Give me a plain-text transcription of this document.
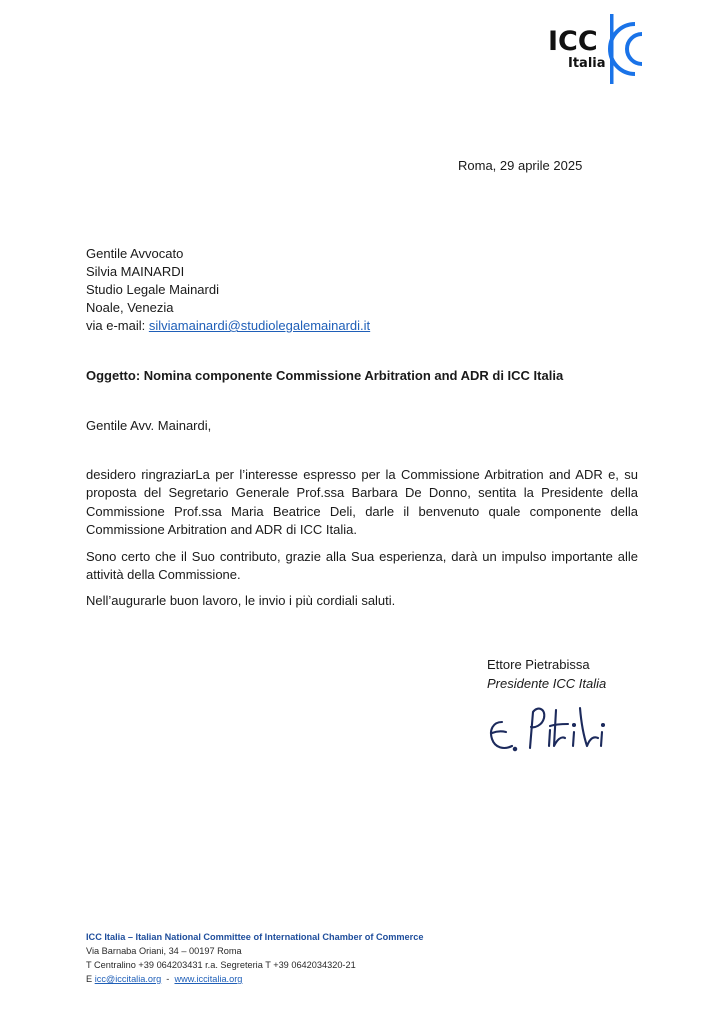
ICC
Italia
Roma, 29 aprile 2025
Gentile Avvocato
Silvia MAINARDI
Studio Legale Mainardi
Noale, Venezia
via e-mail: silviamainardi@studiolegalemainardi.it
Oggetto: Nomina componente Commissione Arbitration and ADR di ICC Italia
Gentile Avv. Mainardi,

desidero ringraziarLa per l’interesse espresso per la Commissione Arbitration and ADR e, su proposta del Segretario Generale Prof.ssa Barbara De Donno, sentita la Presidente della Commissione Prof.ssa Maria Beatrice Deli, darle il benvenuto quale componente della Commissione Arbitration and ADR di ICC Italia.

Sono certo che il Suo contributo, grazie alla Sua esperienza, darà un impulso importante alle attività della Commissione.

Nell’augurarle buon lavoro, le invio i più cordiali saluti.

Ettore Pietrabissa
Presidente ICC Italia
ICC Italia – Italian National Committee of International Chamber of Commerce
Via Barnaba Oriani, 34 – 00197 Roma
T Centralino +39 064203431 r.a. Segreteria T +39 0642034320-21
E icc@iccitalia.org  -  www.iccitalia.org
